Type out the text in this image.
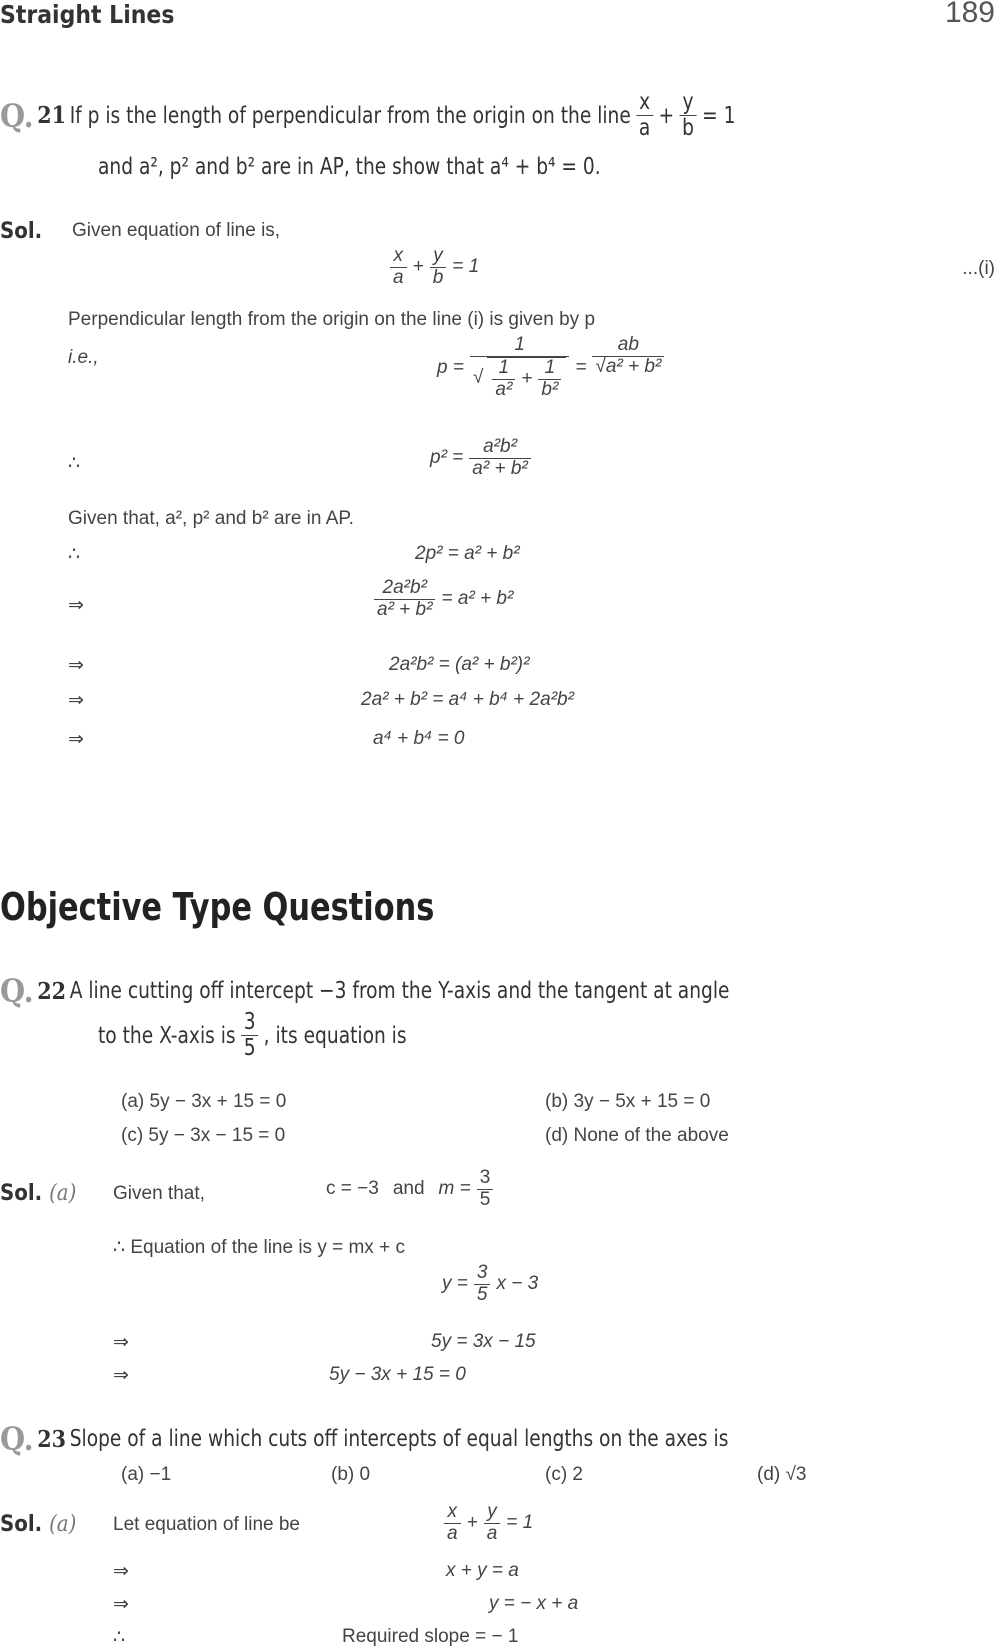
Straight Lines	189
Q. 21 If p is the length of perpendicular from the origin on the line $\frac{x}{a} + \frac{y}{b} = 1$
and a², p² and b² are in AP, the show that a⁴ + b⁴ = 0.
Sol. Given equation of line is,
$\frac{x}{a} + \frac{y}{b} = 1$	...(i)
Perpendicular length from the origin on the line (i) is given by p
i.e.,	$p = \frac{1}{√ \frac{1}{\text{a²}} + \frac{1}{\text{b²}}} = \frac{ab}{\text{√a² + b²}}$
∴	$p^2 = \frac{\text{a²b²}}{\text{a² + b²}}$
Given that, a², p² and b² are in AP.
∴	2p² = a² + b²
⇒	$\frac{\text{2a²b²}}{\text{a² + b²}} = a^2 + b^2$
⇒	2a²b² = (a² + b²)²
⇒	2a² + b² = a⁴ + b⁴ + 2a²b²
⇒	a⁴ + b⁴ = 0
Objective Type Questions
Q. 22 A line cutting off intercept −3 from the Y-axis and the tangent at angle
to the X-axis is $\frac{3}{5}$ , its equation is
(a) 5y − 3x + 15 = 0	(b) 3y − 5x + 15 = 0
(c) 5y − 3x − 15 = 0	(d) None of the above
Sol. (a) Given that,	c = −3 and $m = \frac{3}{5}$
∴ Equation of the line is y = mx + c
$y = \frac{3}{5}$ x − 3
⇒	5y = 3x − 15
⇒	5y − 3x + 15 = 0
Q. 23 Slope of a line which cuts off intercepts of equal lengths on the axes is
(a) −1	(b) 0	(c) 2	(d) √3
Sol. (a) Let equation of line be	$\frac{x}{a} + \frac{y}{a} = 1$
⇒	x + y = a
⇒	y = − x + a
∴	Required slope = − 1
